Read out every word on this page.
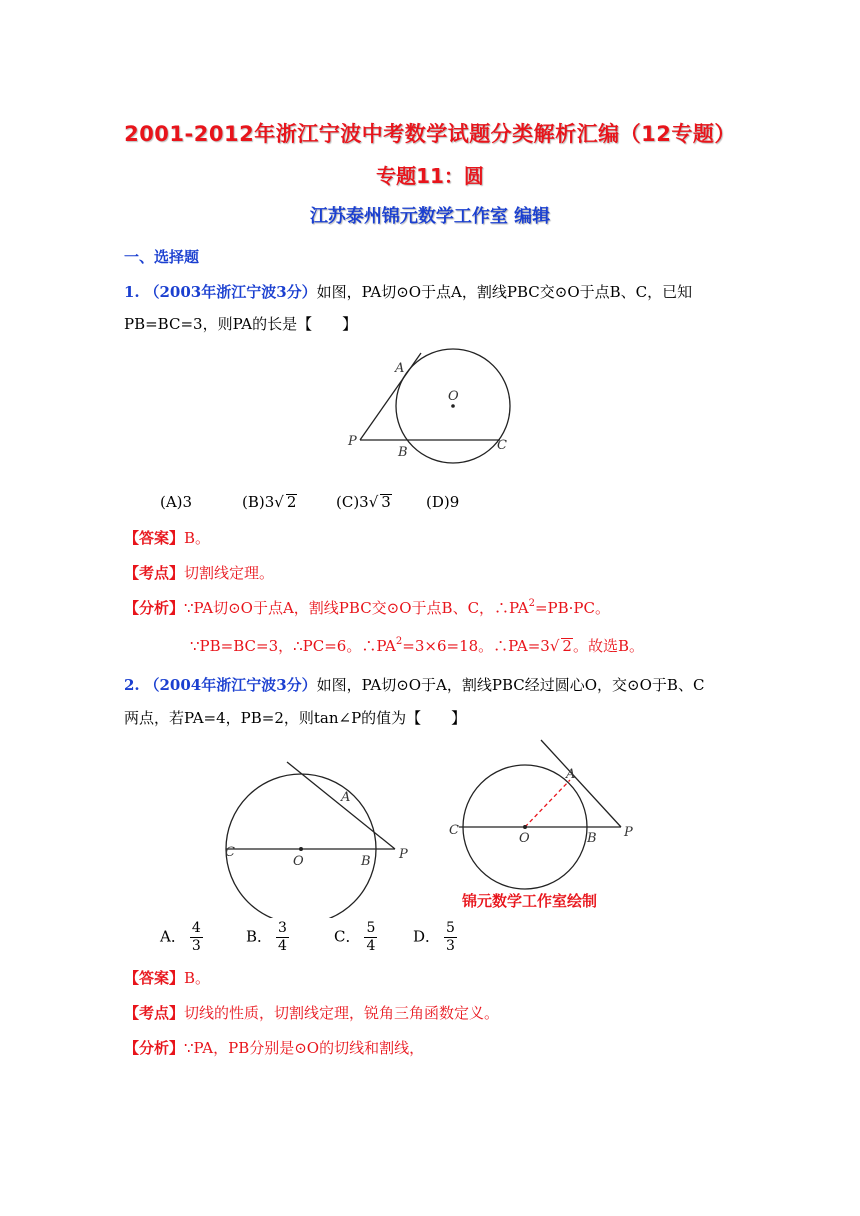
2001-2012年浙江宁波中考数学试题分类解析汇编（12专题）
专题11：圆
江苏泰州锦元数学工作室 编辑
一、选择题
1. （2003年浙江宁波3分）如图，PA切⊙O于点A，割线PBC交⊙O于点B、C，已知
PB=BC=3，则PA的长是【　　】
A
O
P
B	C
(A)3	(B)3√ 2	(C)3√ 3 (D)9
【答案】B。
【考点】切割线定理。
【分析】∵PA切⊙O于点A，割线PBC交⊙O于点B、C，$\therefore PA^2=PB\cdot PC$。
∵PB=BC=3，∴PC=6。$\therefore PA^2=3\times 6=18$。∴PA=3√ 2。故选B。
2. （2004年浙江宁波3分）如图，PA切⊙O于A，割线PBC经过圆心O，交⊙O于B、C
两点，若PA=4，PB=2，则tan∠P的值为【　　】
A
O	B
C	P
A
O	B
C	P
锦元数学工作室绘制
A． $\frac{4}{3}$	B． $\frac{3}{4}$	C． $\frac{5}{4}$ D． $\frac{5}{3}$
【答案】B。
【考点】切线的性质，切割线定理，锐角三角函数定义。
【分析】∵PA，PB分别是⊙O的切线和割线，
